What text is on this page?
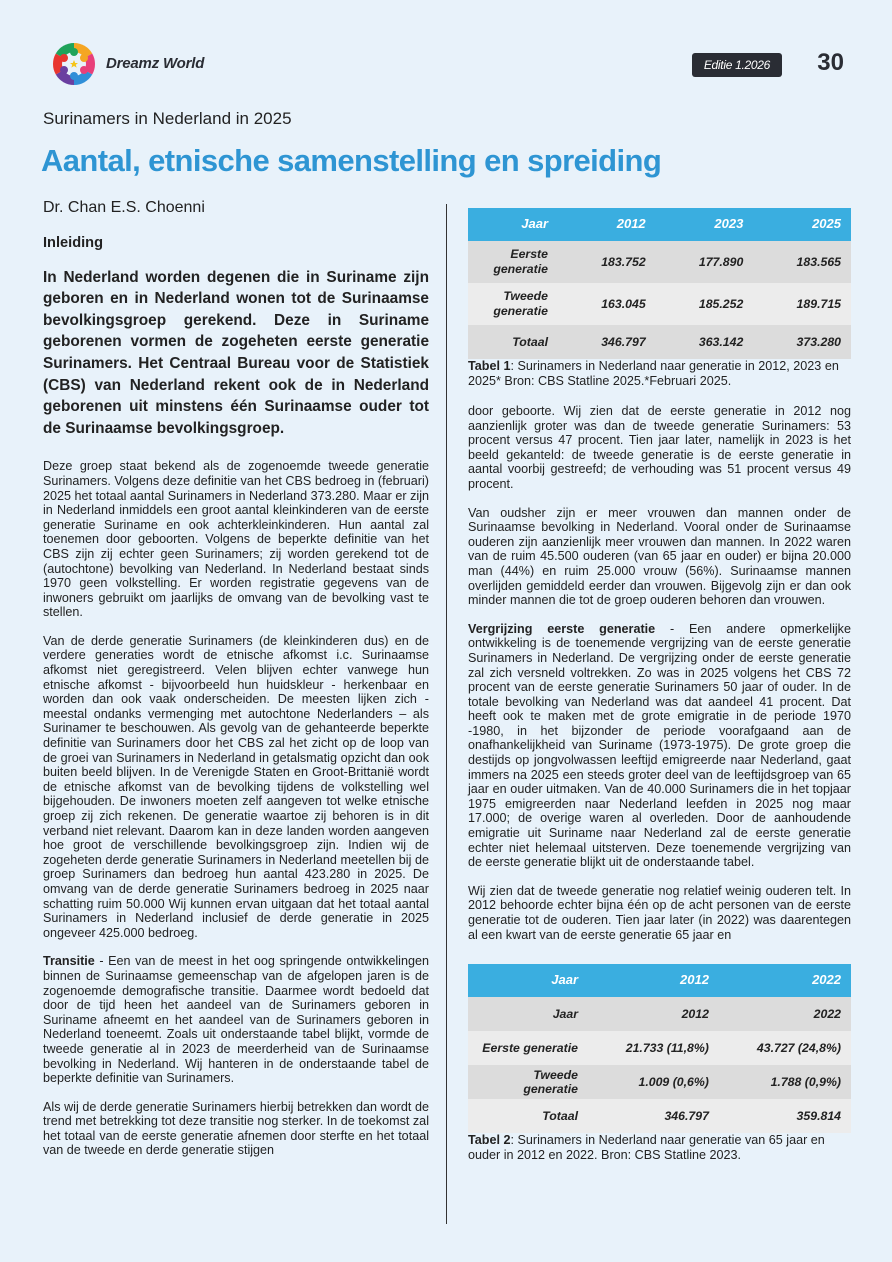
Dreamz World	Editie 1.2026	30
Surinamers in Nederland in 2025
Aantal, etnische samenstelling en spreiding
Dr. Chan E.S. Choenni

Inleiding

In Nederland worden degenen die in Suriname zijn geboren en in Nederland wonen tot de Surinaamse bevolkingsgroep gerekend. Deze in Suriname geborenen vormen de zogeheten eerste generatie Surinamers. Het Centraal Bureau voor de Statistiek (CBS) van Nederland rekent ook de in Nederland geborenen uit minstens één Surinaamse ouder tot de Surinaamse bevolkingsgroep.

Deze groep staat bekend als de zogenoemde tweede generatie Surinamers. Volgens deze definitie van het CBS bedroeg in (februari) 2025 het totaal aantal Surinamers in Nederland 373.280. Maar er zijn in Nederland inmiddels een groot aantal kleinkinderen van de eerste generatie Suriname en ook achterkleinkinderen. Hun aantal zal toenemen door geboorten. Volgens de beperkte definitie van het CBS zijn zij echter geen Surinamers; zij worden gerekend tot de (autochtone) bevolking van Nederland. In Nederland bestaat sinds 1970 geen volkstelling. Er worden registratie gegevens van de inwoners gebruikt om jaarlijks de omvang van de bevolking vast te stellen.

Van de derde generatie Surinamers (de kleinkinderen dus) en de verdere generaties wordt de etnische afkomst i.c. Surinaamse afkomst niet geregistreerd. Velen blijven echter vanwege hun etnische afkomst - bijvoorbeeld hun huidskleur - herkenbaar en worden dan ook vaak onderscheiden. De meesten lijken zich - meestal ondanks vermenging met autochtone Nederlanders – als Surinamer te beschouwen. Als gevolg van de gehanteerde beperkte definitie van Surinamers door het CBS zal het zicht op de loop van de groei van Surinamers in Nederland in getalsmatig opzicht dan ook buiten beeld blijven. In de Verenigde Staten en Groot-Brittanië wordt de etnische afkomst van de bevolking tijdens de volkstelling wel bijgehouden. De inwoners moeten zelf aangeven tot welke etnische groep zij zich rekenen. De generatie waartoe zij behoren is in dit verband niet relevant. Daarom kan in deze landen worden aangeven hoe groot de verschillende bevolkingsgroep zijn. Indien wij de zogeheten derde generatie Surinamers in Nederland meetellen bij de groep Surinamers dan bedroeg hun aantal 423.280 in 2025. De omvang van de derde generatie Surinamers bedroeg in 2025 naar schatting ruim 50.000 Wij kunnen ervan uitgaan dat het totaal aantal Surinamers in Nederland inclusief de derde generatie in 2025 ongeveer 425.000 bedroeg.

Transitie - Een van de meest in het oog springende ontwikkelingen binnen de Surinaamse gemeenschap van de afgelopen jaren is de zogenoemde demografische transitie. Daarmee wordt bedoeld dat door de tijd heen het aandeel van de Surinamers geboren in Suriname afneemt en het aandeel van de Surinamers geboren in Nederland toeneemt. Zoals uit onderstaande tabel blijkt, vormde de tweede generatie al in 2023 de meerderheid van de Surinaamse bevolking in Nederland. Wij hanteren in de onderstaande tabel de beperkte definitie van Surinamers.

Als wij de derde generatie Surinamers hierbij betrekken dan wordt de trend met betrekking tot deze transitie nog sterker. In de toekomst zal het totaal van de eerste generatie afnemen door sterfte en het totaal van de tweede en derde generatie stijgen

Jaar	2012	2023	2025
Eerste generatie	183.752	177.890	183.565
Tweede generatie	163.045	185.252	189.715
Totaal	346.797	363.142	373.280

Tabel 1: Surinamers in Nederland naar generatie in 2012, 2023 en 2025* Bron: CBS Statline 2025.*Februari 2025.

door geboorte. Wij zien dat de eerste generatie in 2012 nog aanzienlijk groter was dan de tweede generatie Surinamers: 53 procent versus 47 procent. Tien jaar later, namelijk in 2023 is het beeld gekanteld: de tweede generatie is de eerste generatie in aantal voorbij gestreefd; de verhouding was 51 procent versus 49 procent.

Van oudsher zijn er meer vrouwen dan mannen onder de Surinaamse bevolking in Nederland. Vooral onder de Surinaamse ouderen zijn aanzienlijk meer vrouwen dan mannen. In 2022 waren van de ruim 45.500 ouderen (van 65 jaar en ouder) er bijna 20.000 man (44%) en ruim 25.000 vrouw (56%). Surinaamse mannen overlijden gemiddeld eerder dan vrouwen. Bijgevolg zijn er dan ook minder mannen die tot de groep ouderen behoren dan vrouwen.

Vergrijzing eerste generatie - Een andere opmerkelijke ontwikkeling is de toenemende vergrijzing van de eerste generatie Surinamers in Nederland. De vergrijzing onder de eerste generatie zal zich versneld voltrekken. Zo was in 2025 volgens het CBS 72 procent van de eerste generatie Surinamers 50 jaar of ouder. In de totale bevolking van Nederland was dat aandeel 41 procent. Dat heeft ook te maken met de grote emigratie in de periode 1970 -1980, in het bijzonder de periode voorafgaand aan de onafhankelijkheid van Suriname (1973-1975). De grote groep die destijds op jongvolwassen leeftijd emigreerde naar Nederland, gaat immers na 2025 een steeds groter deel van de leeftijdsgroep van 65 jaar en ouder uitmaken. Van de 40.000 Surinamers die in het topjaar 1975 emigreerden naar Nederland leefden in 2025 nog maar 17.000; de overige waren al overleden. Door de aanhoudende emigratie uit Suriname naar Nederland zal de eerste generatie echter niet helemaal uitsterven. Deze toenemende vergrijzing van de eerste generatie blijkt uit de onderstaande tabel.

Wij zien dat de tweede generatie nog relatief weinig ouderen telt. In 2012 behoorde echter bijna één op de acht personen van de eerste generatie tot de ouderen. Tien jaar later (in 2022) was daarentegen al een kwart van de eerste generatie 65 jaar en

Jaar	2012	2022
Jaar	2012	2022
Eerste generatie	21.733 (11,8%)	43.727 (24,8%)
Tweede generatie	1.009 (0,6%)	1.788 (0,9%)
Totaal	346.797	359.814

Tabel 2: Surinamers in Nederland naar generatie van 65 jaar en ouder in 2012 en 2022. Bron: CBS Statline 2023.
